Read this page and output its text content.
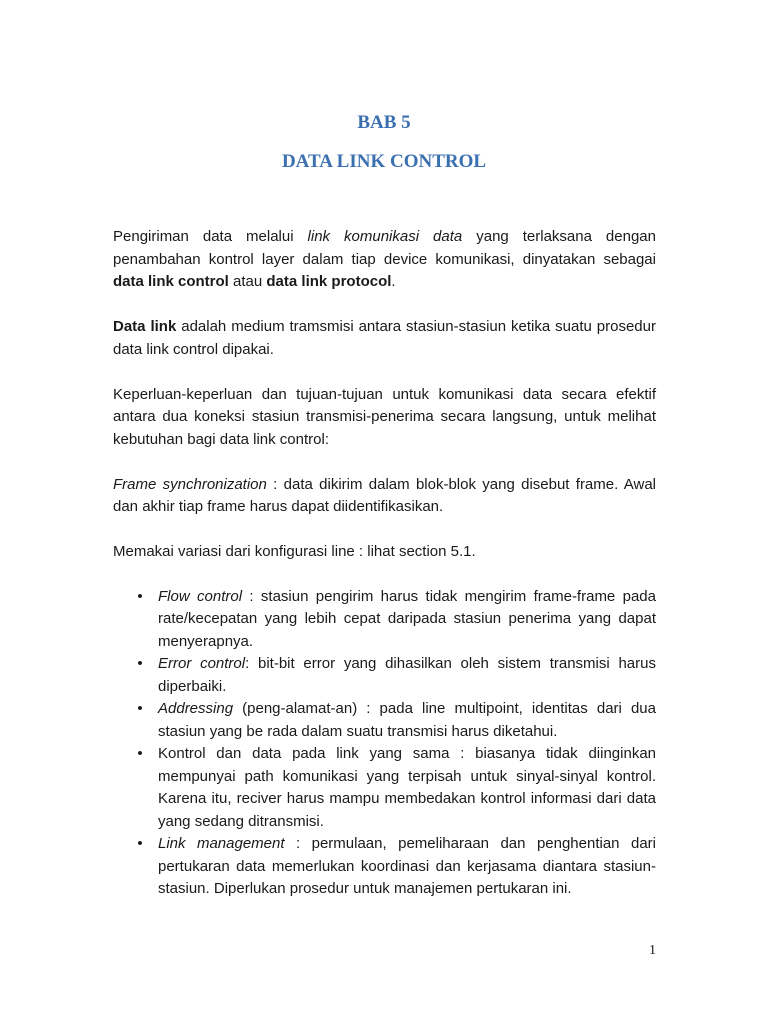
BAB 5
DATA LINK CONTROL

Pengiriman data melalui link komunikasi data yang terlaksana dengan penambahan kontrol layer dalam tiap device komunikasi, dinyatakan sebagai data link control atau data link protocol.

Data link adalah medium tramsmisi antara stasiun-stasiun ketika suatu prosedur data link control dipakai.

Keperluan-keperluan dan tujuan-tujuan untuk komunikasi data secara efektif antara dua koneksi stasiun transmisi-penerima secara langsung, untuk melihat kebutuhan bagi data link control:

Frame synchronization : data dikirim dalam blok-blok yang disebut frame. Awal dan akhir tiap frame harus dapat diidentifikasikan.

Memakai variasi dari konfigurasi line : lihat section 5.1.

• Flow control : stasiun pengirim harus tidak mengirim frame-frame pada rate/kecepatan yang lebih cepat daripada stasiun penerima yang dapat menyerapnya.
• Error control: bit-bit error yang dihasilkan oleh sistem transmisi harus diperbaiki.
• Addressing (peng-alamat-an) : pada line multipoint, identitas dari dua stasiun yang be rada dalam suatu transmisi harus diketahui.
• Kontrol dan data pada link yang sama : biasanya tidak diinginkan mempunyai path komunikasi yang terpisah untuk sinyal-sinyal kontrol. Karena itu, reciver harus mampu membedakan kontrol informasi dari data yang sedang ditransmisi.
• Link management : permulaan, pemeliharaan dan penghentian dari pertukaran data memerlukan koordinasi dan kerjasama diantara stasiun-stasiun. Diperlukan prosedur untuk manajemen pertukaran ini.
1
